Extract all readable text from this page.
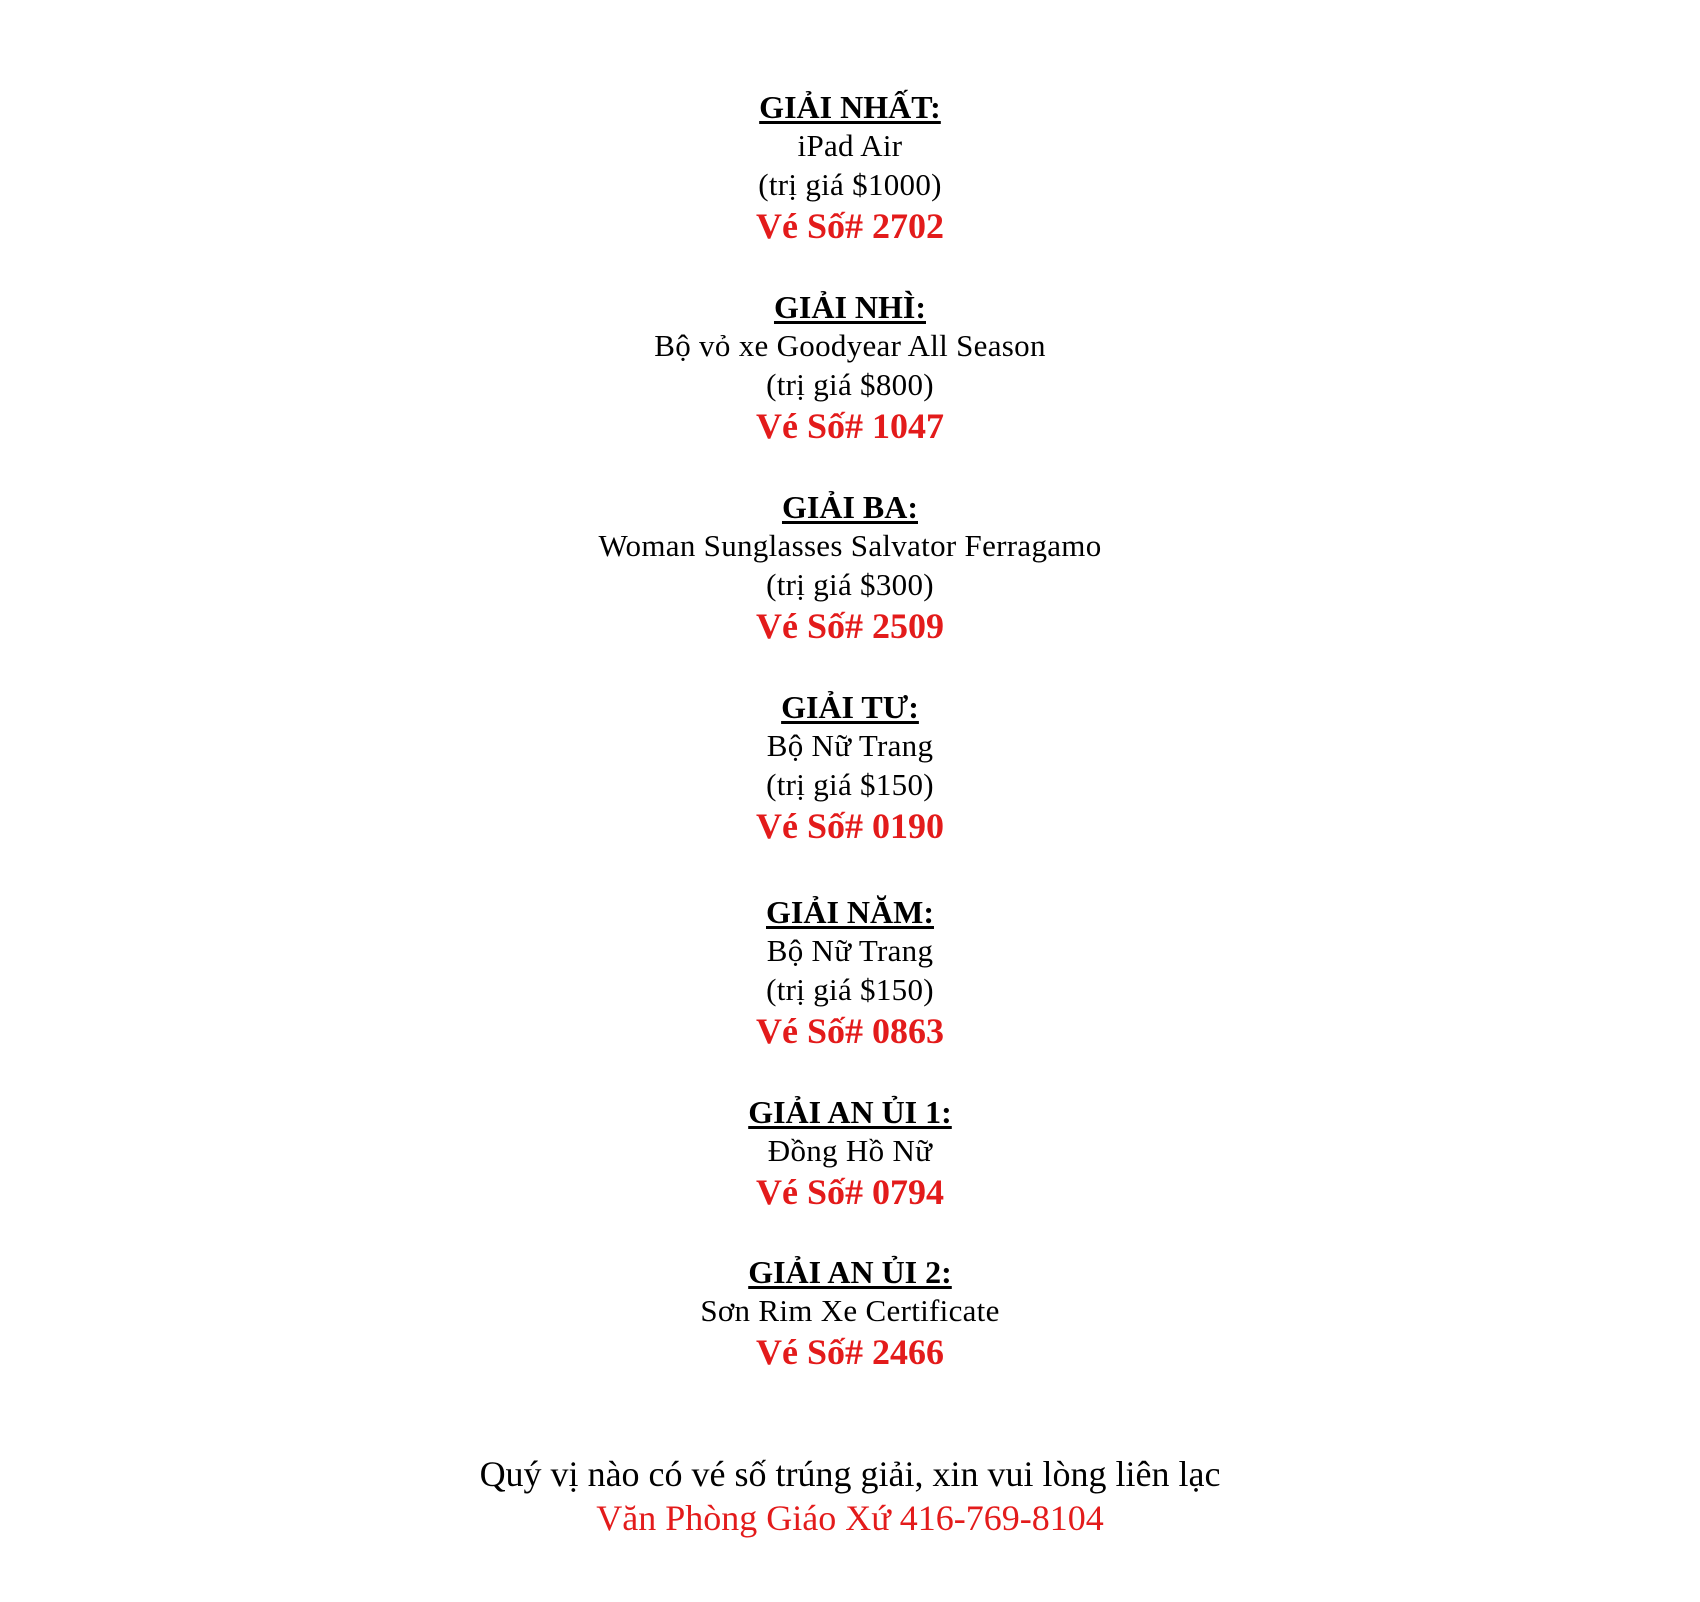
GIẢI NHẤT:
iPad Air
(trị giá $1000)
Vé Số# 2702
GIẢI NHÌ:
Bộ vỏ xe Goodyear All Season
(trị giá $800)
Vé Số# 1047
GIẢI BA:
Woman Sunglasses Salvator Ferragamo
(trị giá $300)
Vé Số# 2509
GIẢI TƯ:
Bộ Nữ Trang
(trị giá $150)
Vé Số# 0190
GIẢI NĂM:
Bộ Nữ Trang
(trị giá $150)
Vé Số# 0863
GIẢI AN ỦI 1:
Đồng Hồ Nữ
Vé Số# 0794
GIẢI AN ỦI 2:
Sơn Rim Xe Certificate
Vé Số# 2466
Quý vị nào có vé số trúng giải, xin vui lòng liên lạc
Văn Phòng Giáo Xứ 416-769-8104
